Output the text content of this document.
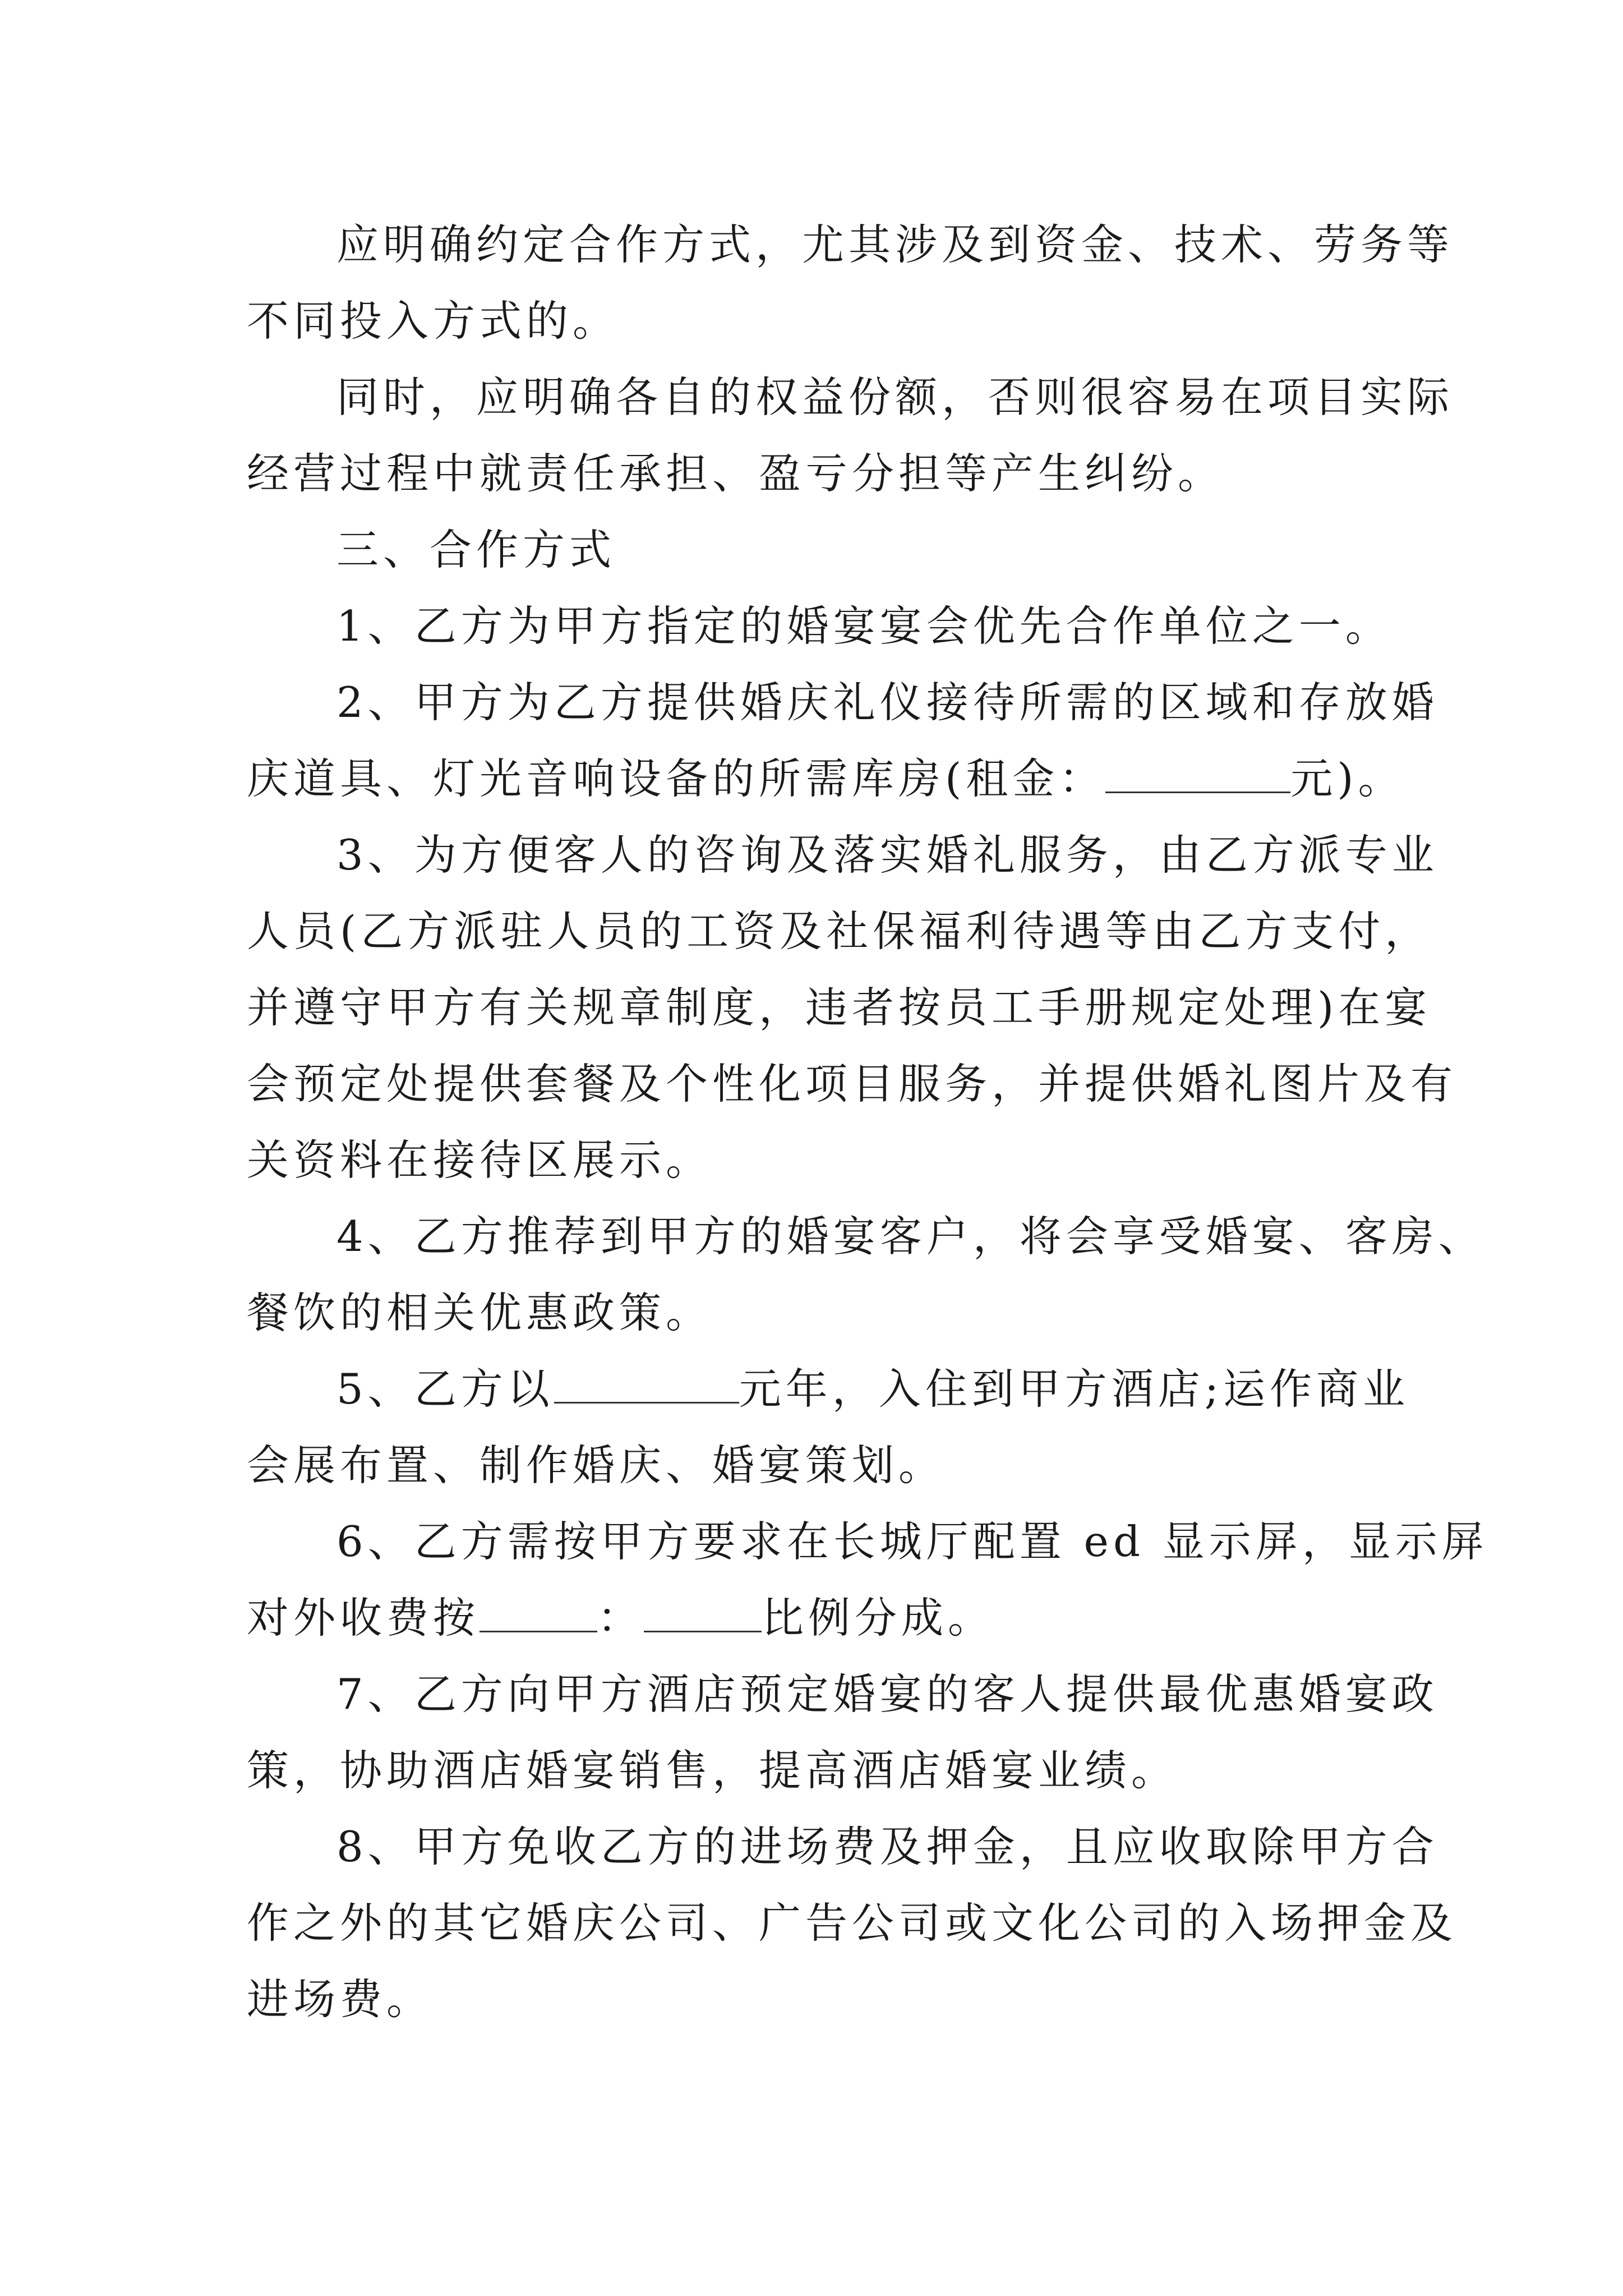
应明确约定合作方式，尤其涉及到资金、技术、劳务等
不同投入方式的。
同时，应明确各自的权益份额，否则很容易在项目实际
经营过程中就责任承担、盈亏分担等产生纠纷。
三、合作方式
1、乙方为甲方指定的婚宴宴会优先合作单位之一。
2、甲方为乙方提供婚庆礼仪接待所需的区域和存放婚
庆道具、灯光音响设备的所需库房(租金：	元)。
3、为方便客人的咨询及落实婚礼服务，由乙方派专业
人员(乙方派驻人员的工资及社保福利待遇等由乙方支付，
并遵守甲方有关规章制度，违者按员工手册规定处理)在宴
会预定处提供套餐及个性化项目服务，并提供婚礼图片及有
关资料在接待区展示。
4、乙方推荐到甲方的婚宴客户，将会享受婚宴、客房、
餐饮的相关优惠政策。
5、乙方以	元年，入住到甲方酒店;运作商业
会展布置、制作婚庆、婚宴策划。
6、乙方需按甲方要求在长城厅配置 ed 显示屏，显示屏
对外收费按	：	比例分成。
7、乙方向甲方酒店预定婚宴的客人提供最优惠婚宴政
策，协助酒店婚宴销售，提高酒店婚宴业绩。
8、甲方免收乙方的进场费及押金，且应收取除甲方合
作之外的其它婚庆公司、广告公司或文化公司的入场押金及
进场费。
